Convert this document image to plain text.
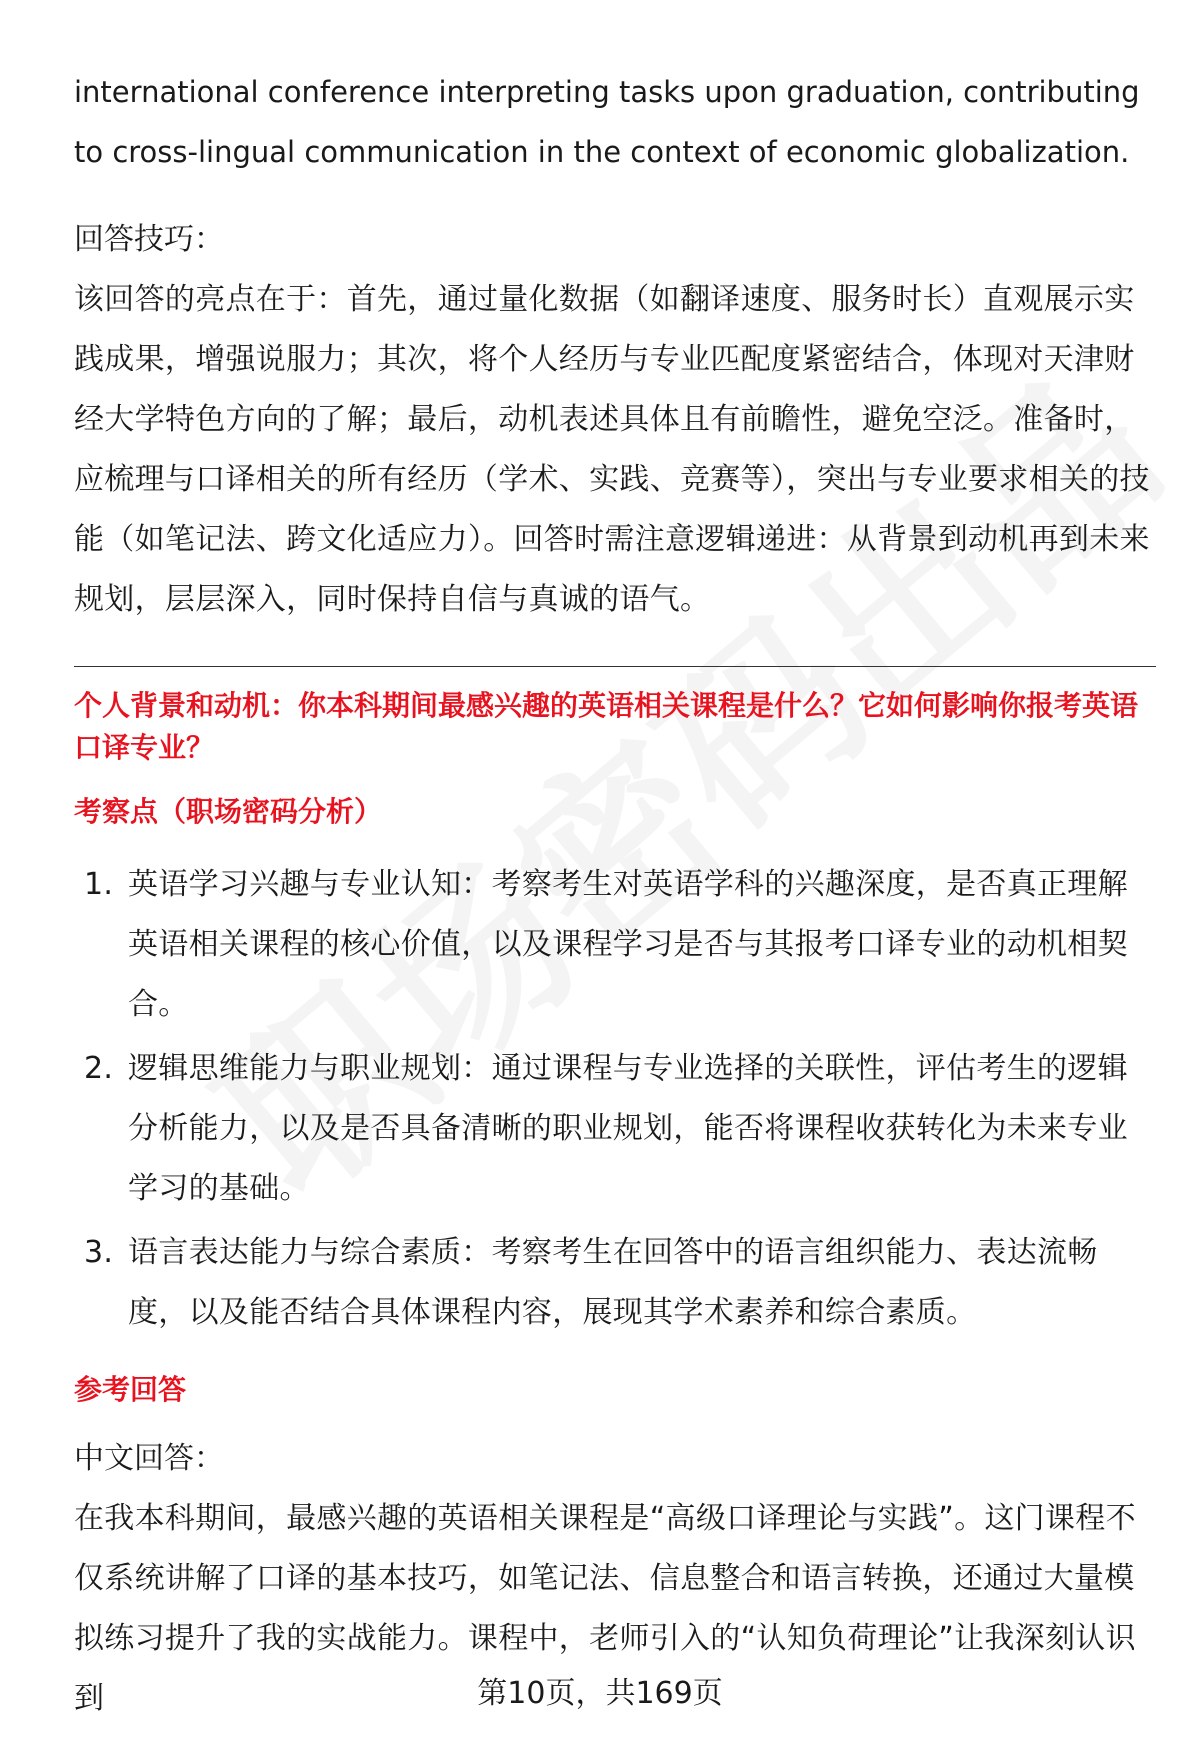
international conference interpreting tasks upon graduation, contributing

to cross-lingual communication in the context of economic globalization.

回答技巧：

该回答的亮点在于：首先，通过量化数据（如翻译速度、服务时长）直观展示实践成果，增强说服力；其次，将个人经历与专业匹配度紧密结合，体现对天津财经大学特色方向的了解；最后，动机表述具体且有前瞻性，避免空泛。准备时，应梳理与口译相关的所有经历（学术、实践、竞赛等），突出与专业要求相关的技能（如笔记法、跨文化适应力）。回答时需注意逻辑递进：从背景到动机再到未来规划，层层深入，同时保持自信与真诚的语气。

个人背景和动机：你本科期间最感兴趣的英语相关课程是什么？它如何影响你报考英语口译专业？

考察点（职场密码分析）

1. 英语学习兴趣与专业认知：考察考生对英语学科的兴趣深度，是否真正理解英语相关课程的核心价值，以及课程学习是否与其报考口译专业的动机相契合。
2. 逻辑思维能力与职业规划：通过课程与专业选择的关联性，评估考生的逻辑分析能力，以及是否具备清晰的职业规划，能否将课程收获转化为未来专业学习的基础。
3. 语言表达能力与综合素质：考察考生在回答中的语言组织能力、表达流畅度，以及能否结合具体课程内容，展现其学术素养和综合素质。

参考回答

中文回答：

在我本科期间，最感兴趣的英语相关课程是“高级口译理论与实践”。这门课程不仅系统讲解了口译的基本技巧，如笔记法、信息整合和语言转换，还通过大量模拟练习提升了我的实战能力。课程中，老师引入的“认知负荷理论”让我深刻认识到	第10页，共169页
